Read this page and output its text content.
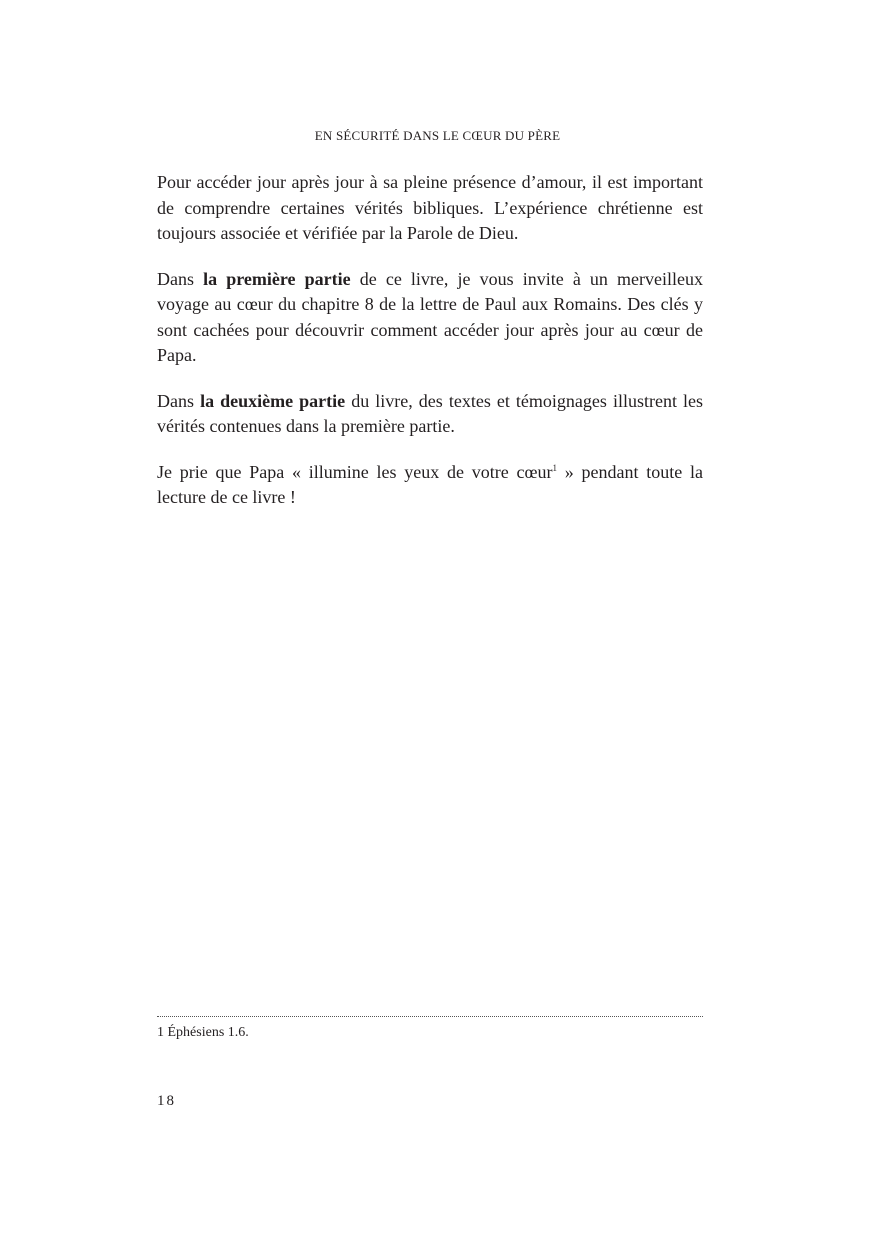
EN SÉCURITÉ DANS LE CŒUR DU PÈRE

Pour accéder jour après jour à sa pleine présence d’amour, il est important de comprendre certaines vérités bibliques. L’expérience chrétienne est toujours associée et vérifiée par la Parole de Dieu.

Dans la première partie de ce livre, je vous invite à un merveilleux voyage au cœur du chapitre 8 de la lettre de Paul aux Romains. Des clés y sont cachées pour découvrir comment accéder jour après jour au cœur de Papa.

Dans la deuxième partie du livre, des textes et témoignages illustrent les vérités contenues dans la première partie.

Je prie que Papa « illumine les yeux de votre cœur$^1$ » pendant toute la lecture de ce livre !

1 Éphésiens 1.6.
18
